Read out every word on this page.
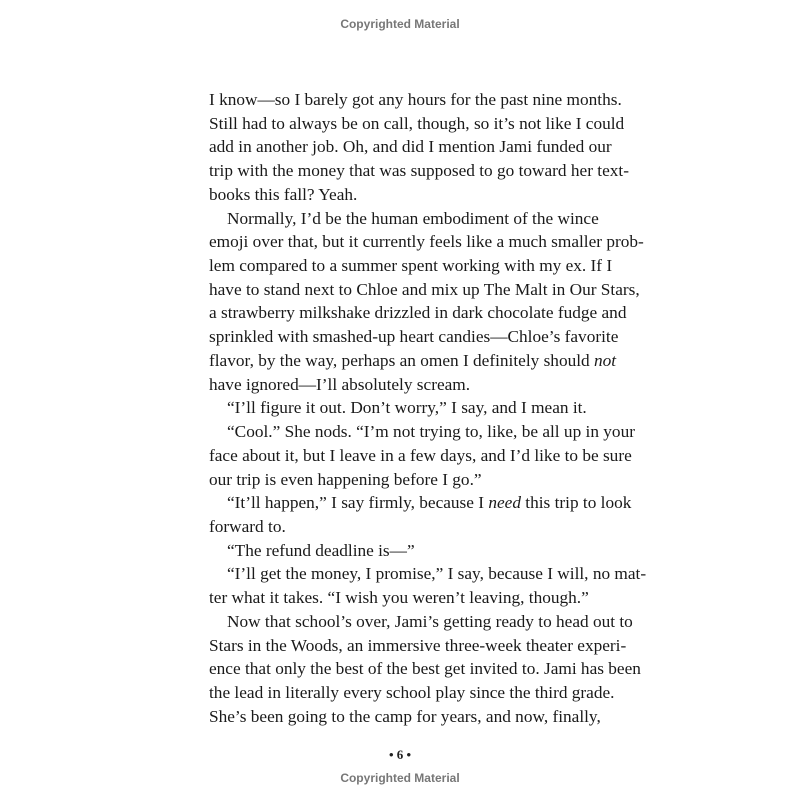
Copyrighted Material
I know—so I barely got any hours for the past nine months.
Still had to always be on call, though, so it’s not like I could
add in another job. Oh, and did I mention Jami funded our
trip with the money that was supposed to go toward her text-
books this fall? Yeah.
Normally, I’d be the human embodiment of the wince
emoji over that, but it currently feels like a much smaller prob-
lem compared to a summer spent working with my ex. If I
have to stand next to Chloe and mix up The Malt in Our Stars,
a strawberry milkshake drizzled in dark chocolate fudge and
sprinkled with smashed-up heart candies—Chloe’s favorite
flavor, by the way, perhaps an omen I definitely should not
have ignored—I’ll absolutely scream.
“I’ll figure it out. Don’t worry,” I say, and I mean it.
“Cool.” She nods. “I’m not trying to, like, be all up in your
face about it, but I leave in a few days, and I’d like to be sure
our trip is even happening before I go.”
“It’ll happen,” I say firmly, because I need this trip to look
forward to.
“The refund deadline is—”
“I’ll get the money, I promise,” I say, because I will, no mat-
ter what it takes. “I wish you weren’t leaving, though.”
Now that school’s over, Jami’s getting ready to head out to
Stars in the Woods, an immersive three-week theater experi-
ence that only the best of the best get invited to. Jami has been
the lead in literally every school play since the third grade.
She’s been going to the camp for years, and now, finally,
• 6 •
Copyrighted Material
